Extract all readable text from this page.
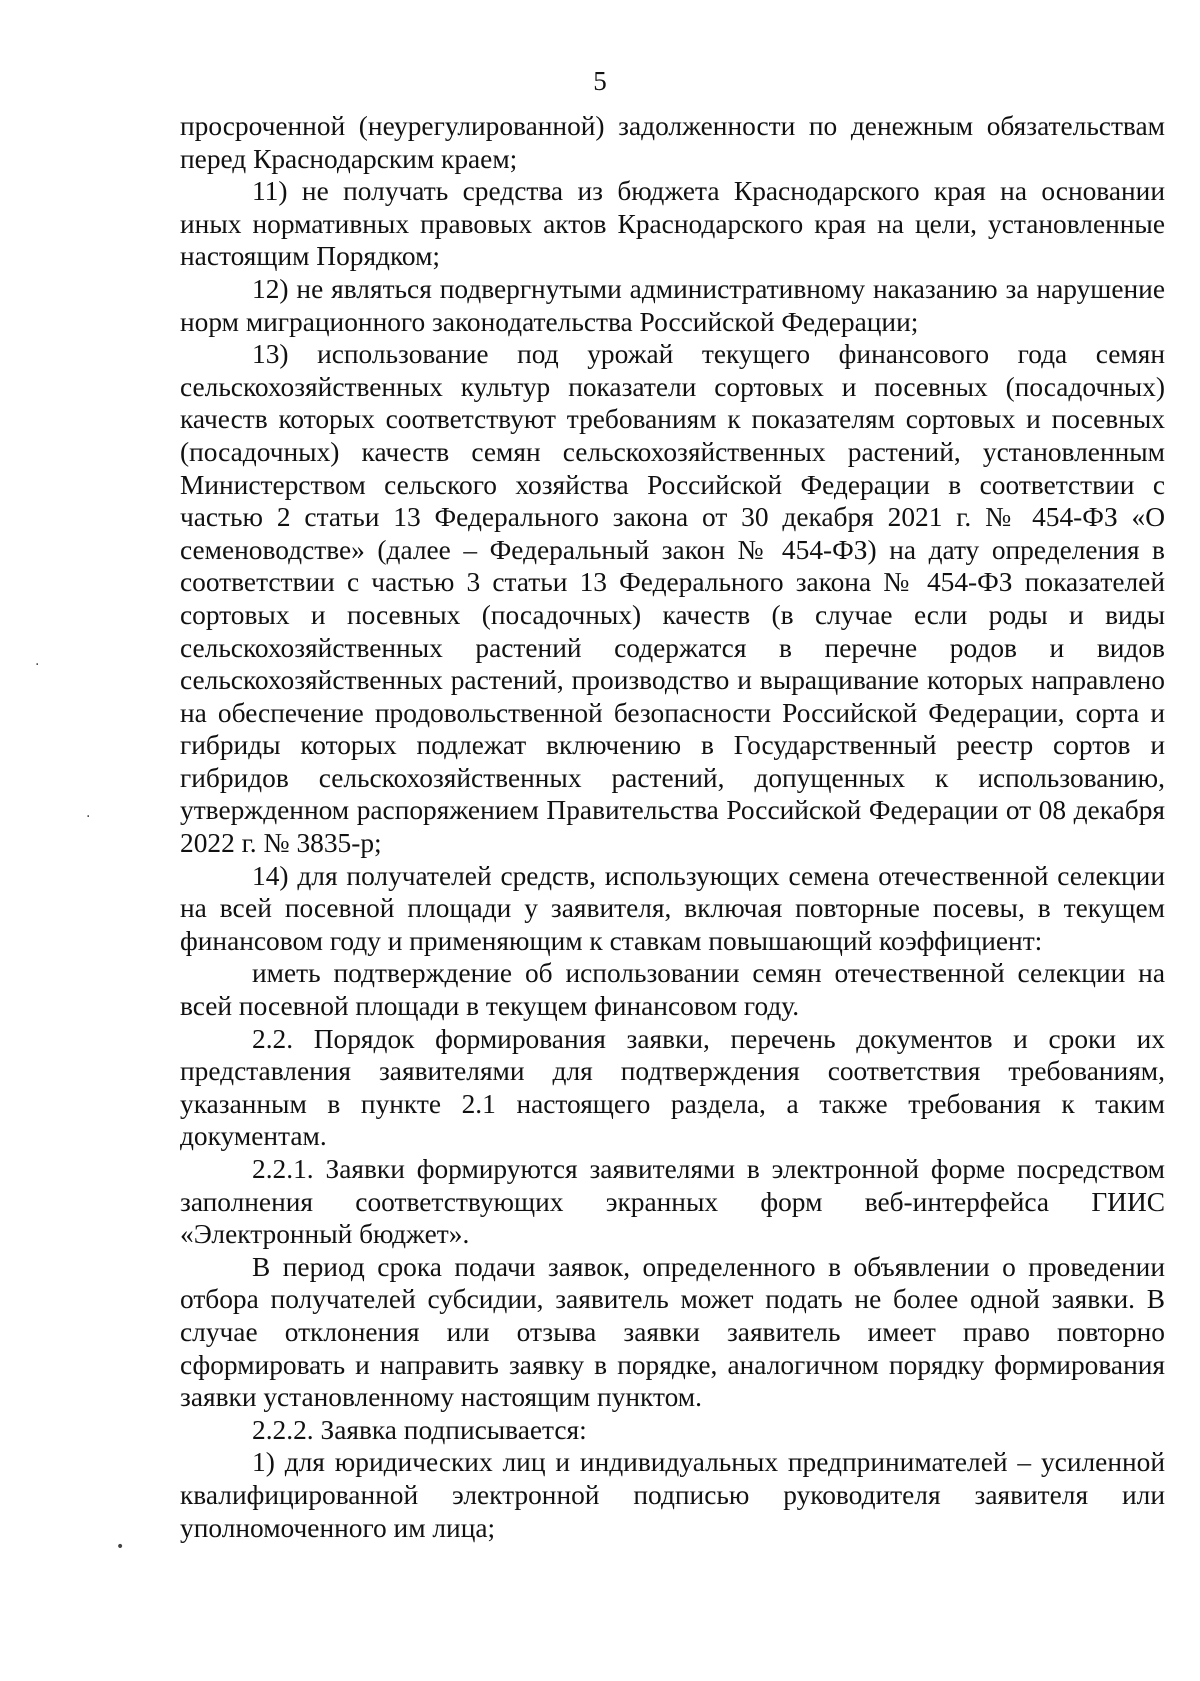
5

просроченной (неурегулированной) задолженности по денежным обязательствам перед Краснодарским краем;

11) не получать средства из бюджета Краснодарского края на основании иных нормативных правовых актов Краснодарского края на цели, установленные настоящим Порядком;

12) не являться подвергнутыми административному наказанию за нарушение норм миграционного законодательства Российской Федерации;

13) использование под урожай текущего финансового года семян сельскохозяйственных культур показатели сортовых и посевных (посадочных) качеств которых соответствуют требованиям к показателям сортовых и посевных (посадочных) качеств семян сельскохозяйственных растений, установленным Министерством сельского хозяйства Российской Федерации в соответствии с частью 2 статьи 13 Федерального закона от 30 декабря 2021 г. № 454-ФЗ «О семеноводстве» (далее – Федеральный закон № 454-ФЗ) на дату определения в соответствии с частью 3 статьи 13 Федерального закона № 454-ФЗ показателей сортовых и посевных (посадочных) качеств (в случае если роды и виды сельскохозяйственных растений содержатся в перечне родов и видов сельскохозяйственных растений, производство и выращивание которых направлено на обеспечение продовольственной безопасности Российской Федерации, сорта и гибриды которых подлежат включению в Государственный реестр сортов и гибридов сельскохозяйственных растений, допущенных к использованию, утвержденном распоряжением Правительства Российской Федерации от 08 декабря 2022 г. № 3835-р;

14) для получателей средств, использующих семена отечественной селекции на всей посевной площади у заявителя, включая повторные посевы, в текущем финансовом году и применяющим к ставкам повышающий коэффициент:

иметь подтверждение об использовании семян отечественной селекции на всей посевной площади в текущем финансовом году.

2.2. Порядок формирования заявки, перечень документов и сроки их представления заявителями для подтверждения соответствия требованиям, указанным в пункте 2.1 настоящего раздела, а также требования к таким документам.

2.2.1. Заявки формируются заявителями в электронной форме посредством заполнения соответствующих экранных форм веб-интерфейса ГИИС «Электронный бюджет».

В период срока подачи заявок, определенного в объявлении о проведении отбора получателей субсидии, заявитель может подать не более одной заявки. В случае отклонения или отзыва заявки заявитель имеет право повторно сформировать и направить заявку в порядке, аналогичном порядку формирования заявки установленному настоящим пунктом.

2.2.2. Заявка подписывается:

1) для юридических лиц и индивидуальных предпринимателей – усиленной квалифицированной электронной подписью руководителя заявителя или уполномоченного им лица;

·
·
•
